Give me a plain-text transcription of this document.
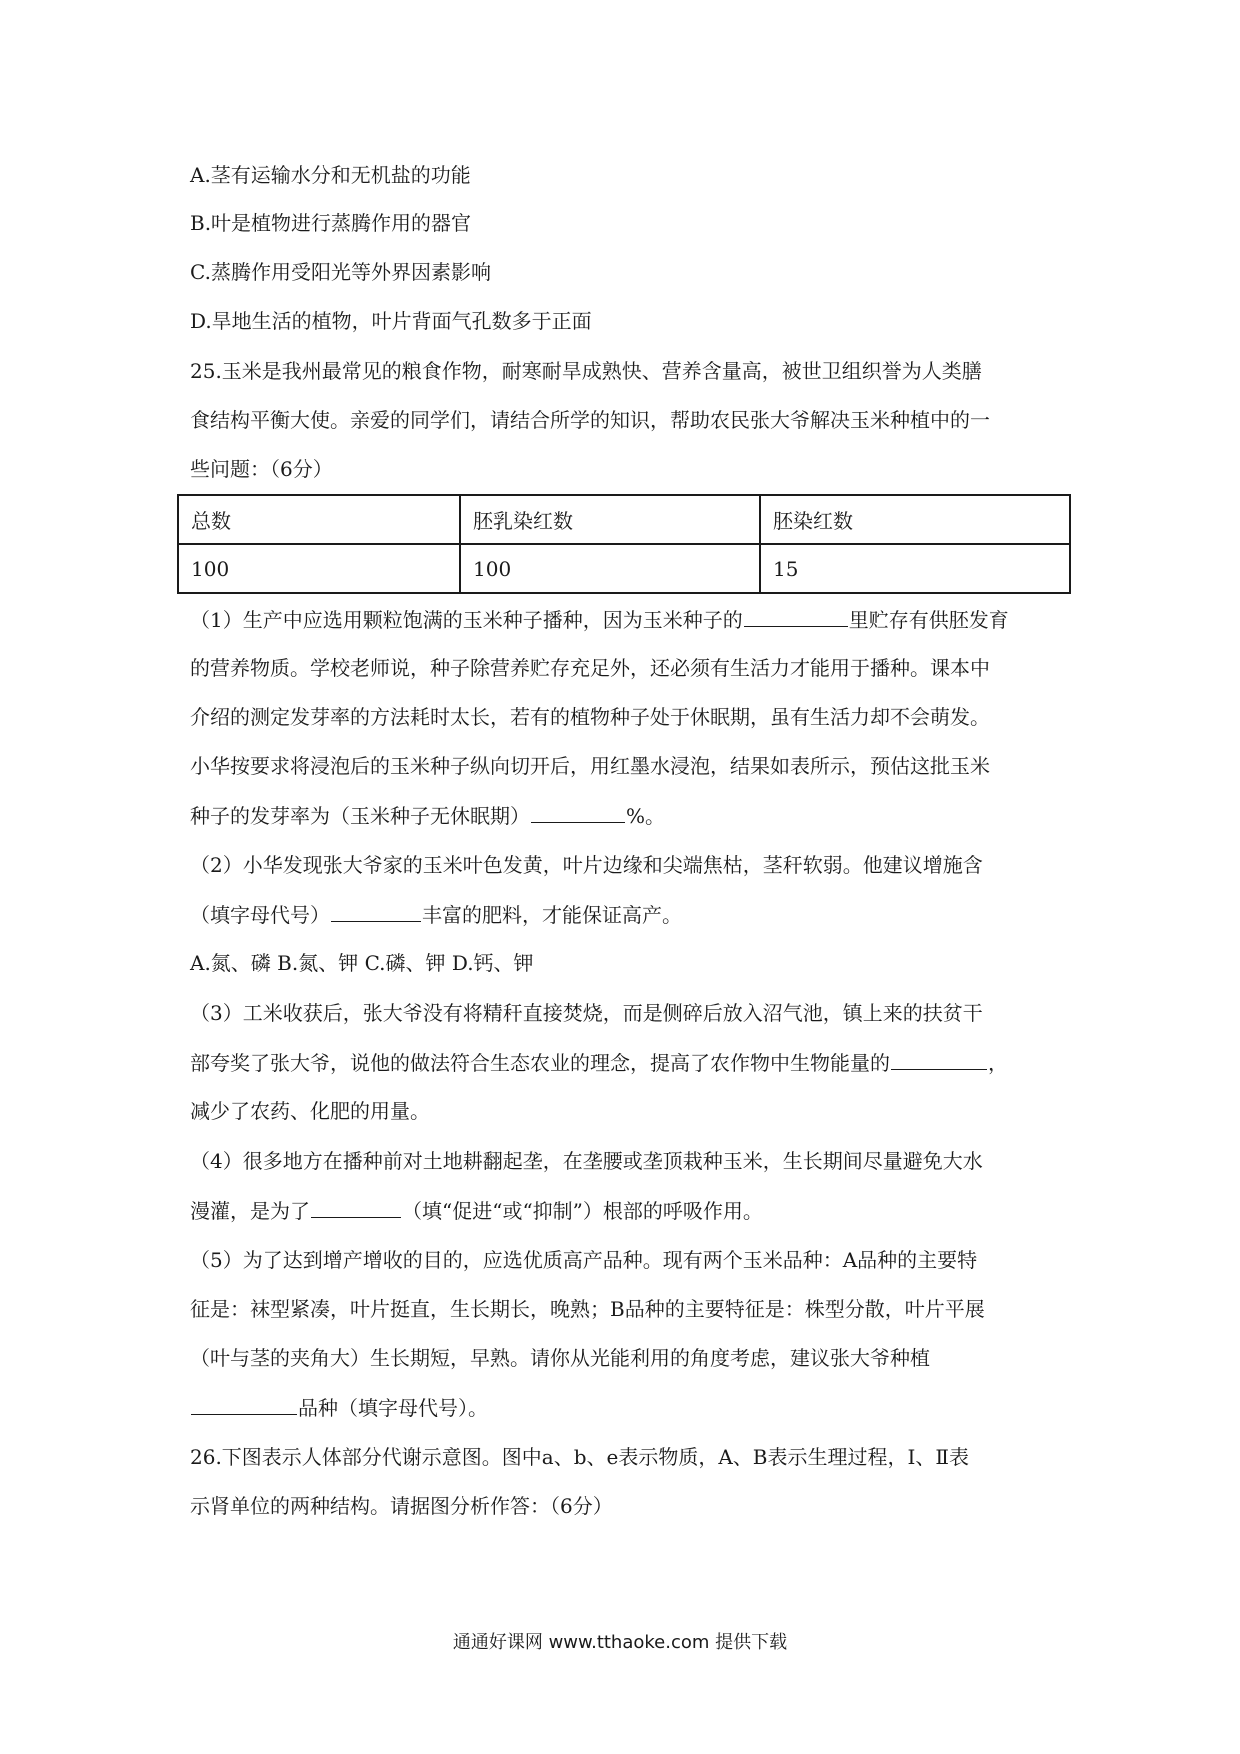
A.茎有运输水分和无机盐的功能
B.叶是植物进行蒸腾作用的器官
C.蒸腾作用受阳光等外界因素影响
D.旱地生活的植物，叶片背面气孔数多于正面
25.玉米是我州最常见的粮食作物，耐寒耐旱成熟快、营养含量高，被世卫组织誉为人类膳
食结构平衡大使。亲爱的同学们，请结合所学的知识，帮助农民张大爷解决玉米种植中的一
些问题：（6分）
总数	胚乳染红数	胚染红数
100	100	15
（1）生产中应选用颗粒饱满的玉米种子播种，因为玉米种子的	里贮存有供胚发育
的营养物质。学校老师说，种子除营养贮存充足外，还必须有生活力才能用于播种。课本中
介绍的测定发芽率的方法耗时太长，若有的植物种子处于休眠期，虽有生活力却不会萌发。
小华按要求将浸泡后的玉米种子纵向切开后，用红墨水浸泡，结果如表所示，预估这批玉米
种子的发芽率为（玉米种子无休眠期）	%。
（2）小华发现张大爷家的玉米叶色发黄，叶片边缘和尖端焦枯，茎秆软弱。他建议增施含
（填字母代号）	丰富的肥料，才能保证高产。
A.氮、磷 B.氮、钾 C.磷、钾 D.钙、钾
（3）工米收获后，张大爷没有将精秆直接焚烧，而是侧碎后放入沼气池，镇上来的扶贫干
部夸奖了张大爷，说他的做法符合生态农业的理念，提高了农作物中生物能量的	，
减少了农药、化肥的用量。
（4）很多地方在播种前对土地耕翻起垄，在垄腰或垄顶栽种玉米，生长期间尽量避免大水
漫灌，是为了	（填“促进“或“抑制”）根部的呼吸作用。
（5）为了达到增产增收的目的，应选优质高产品种。现有两个玉米品种：A品种的主要特
征是：袜型紧凑，叶片挺直，生长期长，晚熟；B品种的主要特征是：株型分散，叶片平展
（叶与茎的夹角大）生长期短，早熟。请你从光能利用的角度考虑，建议张大爷种植
品种（填字母代号）。
26.下图表示人体部分代谢示意图。图中a、b、e表示物质，A、B表示生理过程，I、Ⅱ表
示肾单位的两种结构。请据图分析作答：（6分）
通通好课网 www.tthaoke.com 提供下载
